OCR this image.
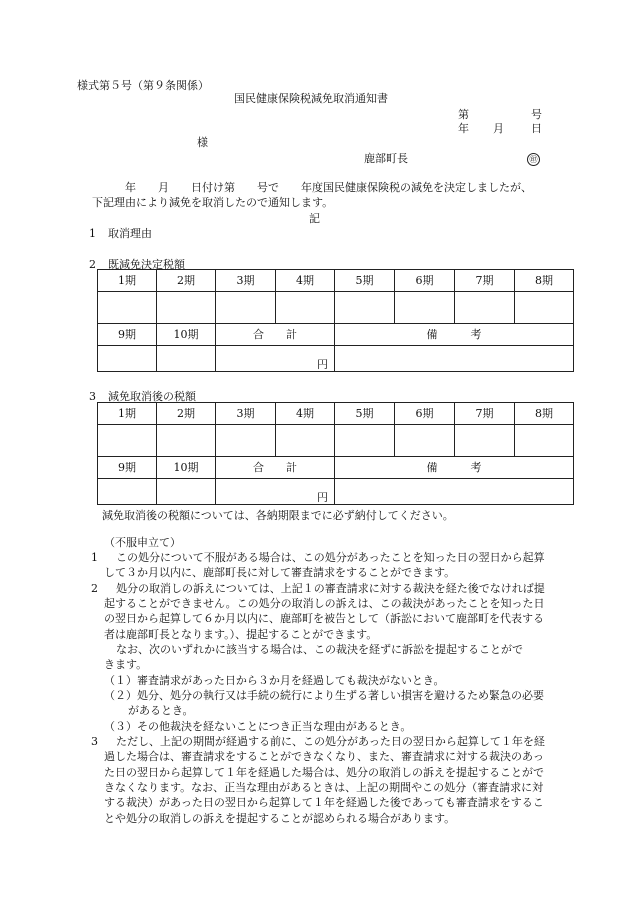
様式第５号（第９条関係）
国民健康保険税減免取消通知書
第	号
年 月 日
様
鹿部町長	㊞
年　　月　　日付け第　　号で　　年度国民健康保険税の減免を決定しましたが、
下記理由により減免を取消したので通知します。
記
1 取消理由
2 既減免決定税額
1期	2期	3期	4期	5期	6期	7期	8期

9期	10期	合　　計		備　　　考			
		円					
3 減免取消後の税額
1期	2期	3期	4期	5期	6期	7期	8期

9期	10期	合　　計		備　　　考			
		円					
減免取消後の税額については、各納期限までに必ず納付してください。
（不服申立て）
1 この処分について不服がある場合は、この処分があったことを知った日の翌日から起算
して３か月以内に、鹿部町長に対して審査請求をすることができます。
2 処分の取消しの訴えについては、上記１の審査請求に対する裁決を経た後でなければ提
起することができません。この処分の取消しの訴えは、この裁決があったことを知った日
の翌日から起算して６か月以内に、鹿部町を被告として（訴訟において鹿部町を代表する
者は鹿部町長となります。）、提起することができます。
なお、次のいずれかに該当する場合は、この裁決を経ずに訴訟を提起することがで
きます。
（１）審査請求があった日から３か月を経過しても裁決がないとき。
（２）処分、処分の執行又は手続の続行により生ずる著しい損害を避けるため緊急の必要
があるとき。
（３）その他裁決を経ないことにつき正当な理由があるとき。
3 ただし、上記の期間が経過する前に、この処分があった日の翌日から起算して１年を経
過した場合は、審査請求をすることができなくなり、また、審査請求に対する裁決のあっ
た日の翌日から起算して１年を経過した場合は、処分の取消しの訴えを提起することがで
きなくなります。なお、正当な理由があるときは、上記の期間やこの処分（審査請求に対
する裁決）があった日の翌日から起算して１年を経過した後であっても審査請求をするこ
とや処分の取消しの訴えを提起することが認められる場合があります。
